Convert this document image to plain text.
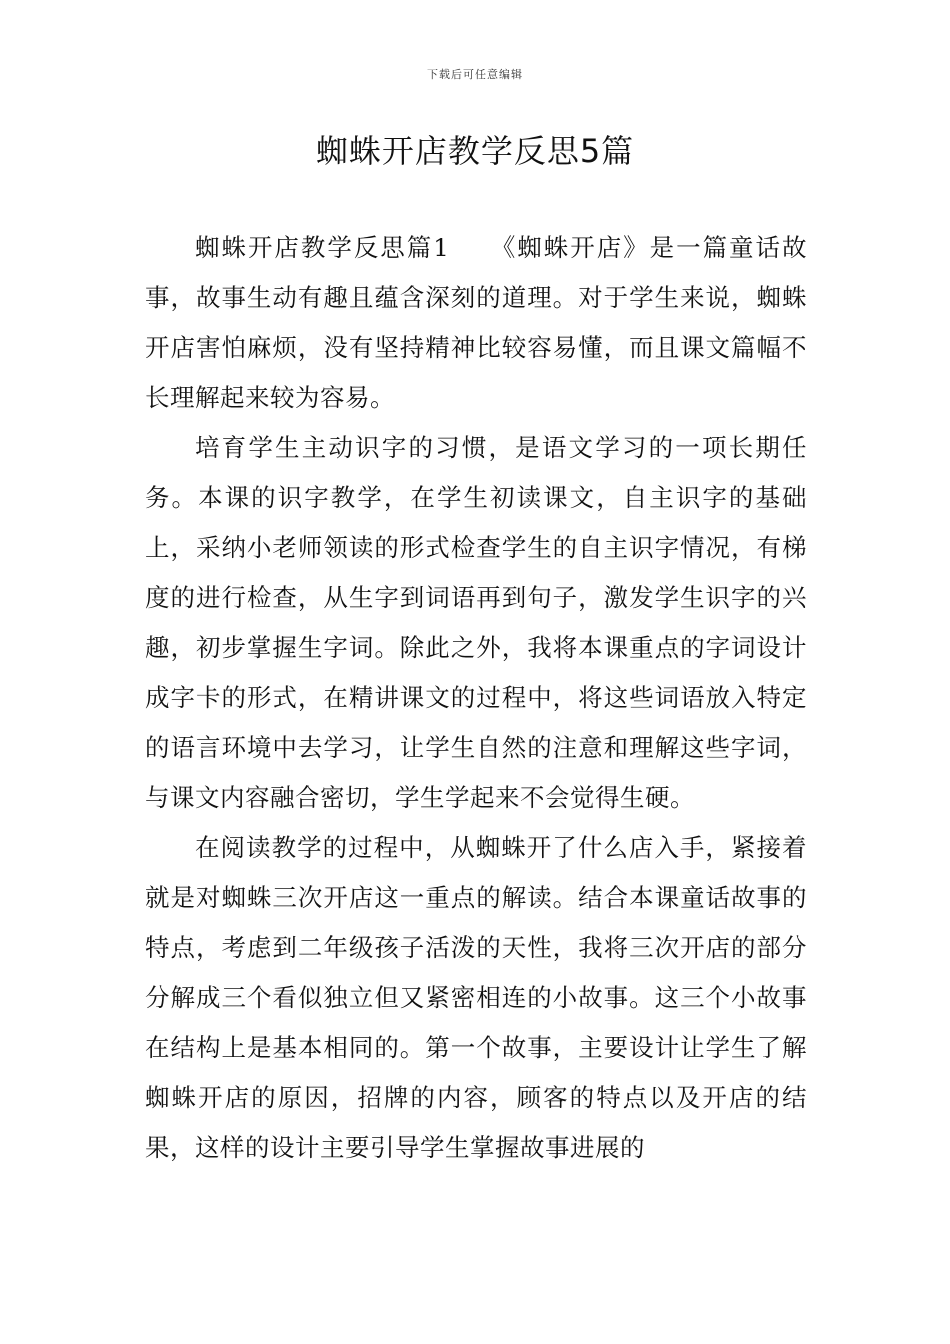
下载后可任意编辑
蜘蛛开店教学反思5篇

蜘蛛开店教学反思篇1 《蜘蛛开店》是一篇童话故事，故事生动有趣且蕴含深刻的道理。对于学生来说，蜘蛛开店害怕麻烦，没有坚持精神比较容易懂，而且课文篇幅不长理解起来较为容易。

培育学生主动识字的习惯，是语文学习的一项长期任务。本课的识字教学，在学生初读课文，自主识字的基础上，采纳小老师领读的形式检查学生的自主识字情况，有梯度的进行检查，从生字到词语再到句子，激发学生识字的兴趣，初步掌握生字词。除此之外，我将本课重点的字词设计成字卡的形式，在精讲课文的过程中，将这些词语放入特定的语言环境中去学习，让学生自然的注意和理解这些字词，与课文内容融合密切，学生学起来不会觉得生硬。

在阅读教学的过程中，从蜘蛛开了什么店入手，紧接着就是对蜘蛛三次开店这一重点的解读。结合本课童话故事的特点，考虑到二年级孩子活泼的天性，我将三次开店的部分分解成三个看似独立但又紧密相连的小故事。这三个小故事在结构上是基本相同的。第一个故事，主要设计让学生了解蜘蛛开店的原因，招牌的内容，顾客的特点以及开店的结果，这样的设计主要引导学生掌握故事进展的
